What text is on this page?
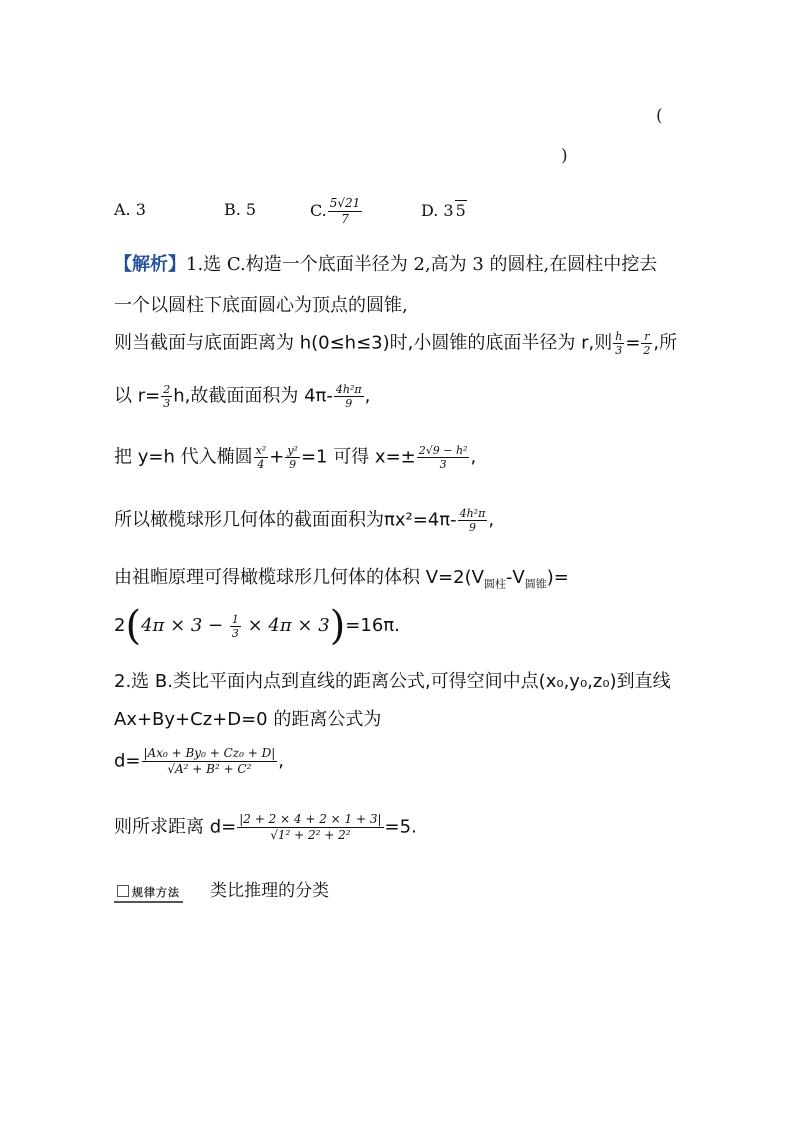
(
)
A. 3	B. 5	C. $\frac{5√21}{7}$	D. 3 5
【解析】1.选 C.构造一个底面半径为 2,高为 3 的圆柱,在圆柱中挖去
一个以圆柱下底面圆心为顶点的圆锥,
则当截面与底面距离为 h(0≤h≤3)时,小圆锥的底面半径为 r,则 $\frac{h}{3} = \frac{r}{2}$ ,所
以 $r= \frac{2}{3} h$,故截面面积为 $4\pi- \frac{\text{4h²π}}{9}$ ,
把 y=h 代入椭圆 $\frac{\text{x²}}{4} + \frac{\text{y²}}{9} =1$ 可得 $x=\pm \frac{\text{2√9 − h²}}{3}$ ,
所以橄榄球形几何体的截面面积为$\pi x^2=4\pi- \frac{\text{4h²π}}{9}$ ,
由祖暅原理可得橄榄球形几何体的体积 $V=2(V_{圆柱}-V_{圆锥})=$
$2(4\pi \times 3 - \frac{1}{3} \times 4\pi \times 3)=16\pi$.
2.选 B.类比平面内点到直线的距离公式,可得空间中点(x₀,y₀,z₀)到直线
Ax+By+Cz+D=0 的距离公式为
$d= \frac{\text{|Ax₀ + By₀ + Cz₀ + D|}}{\text{√A² + B² + C²}}$ ,
则所求距离 $d= \frac{|2 + 2 \times 4 + 2 \times 1 + 3|}{\text{√1² + 2² + 2²}} =5$.
规律方法 类比推理的分类
